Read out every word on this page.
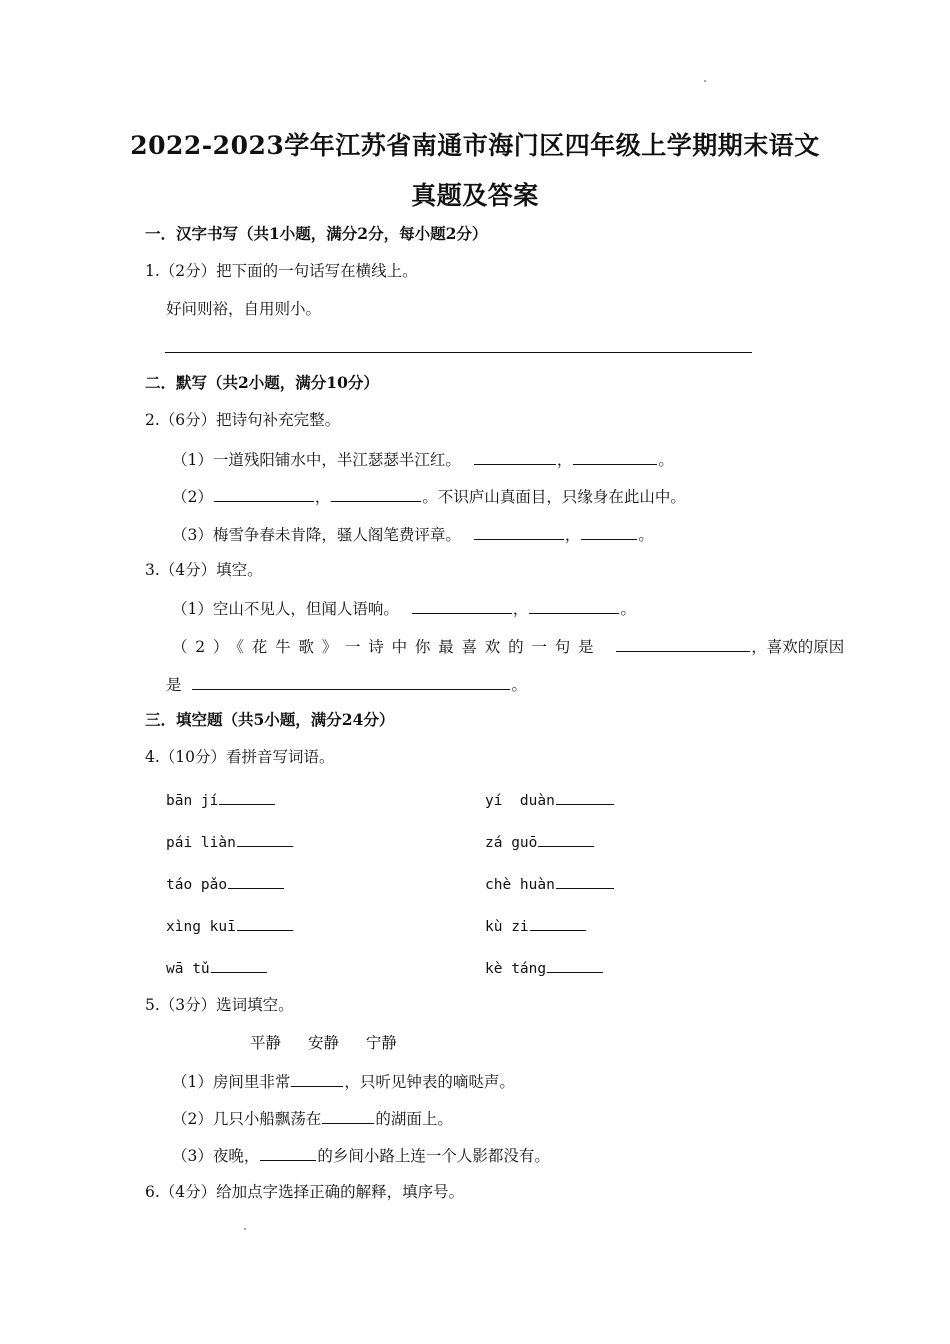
2022-2023学年江苏省南通市海门区四年级上学期期末语文
真题及答案
一．汉字书写（共1小题，满分2分，每小题2分）
1.（2分）把下面的一句话写在横线上。
好问则裕，自用则小。
二．默写（共2小题，满分10分）
2.（6分）把诗句补充完整。
（1）一道残阳铺水中，半江瑟瑟半江红。	，	。
（2）	，	。不识庐山真面目，只缘身在此山中。
（3）梅雪争春未肯降，骚人阁笔费评章。	，	。
3.（4分）填空。
（1）空山不见人，但闻人语响。	，	。
（2）《花牛歌》一诗中你最喜欢的一句是	，喜欢的原因
是	。
三．填空题（共5小题，满分24分）
4.（10分）看拼音写词语。
bān jí	yí  duàn
pái liàn	zá guō
táo pǎo	chè huàn
xìng kuī	kù zi
wā tǔ	kè táng
5.（3分）选词填空。
平静 安静 宁静
（1）房间里非常	，只听见钟表的嘀哒声。
（2）几只小船飘荡在	的湖面上。
（3）夜晚，	的乡间小路上连一个人影都没有。
6.（4分）给加点字选择正确的解释，填序号。
